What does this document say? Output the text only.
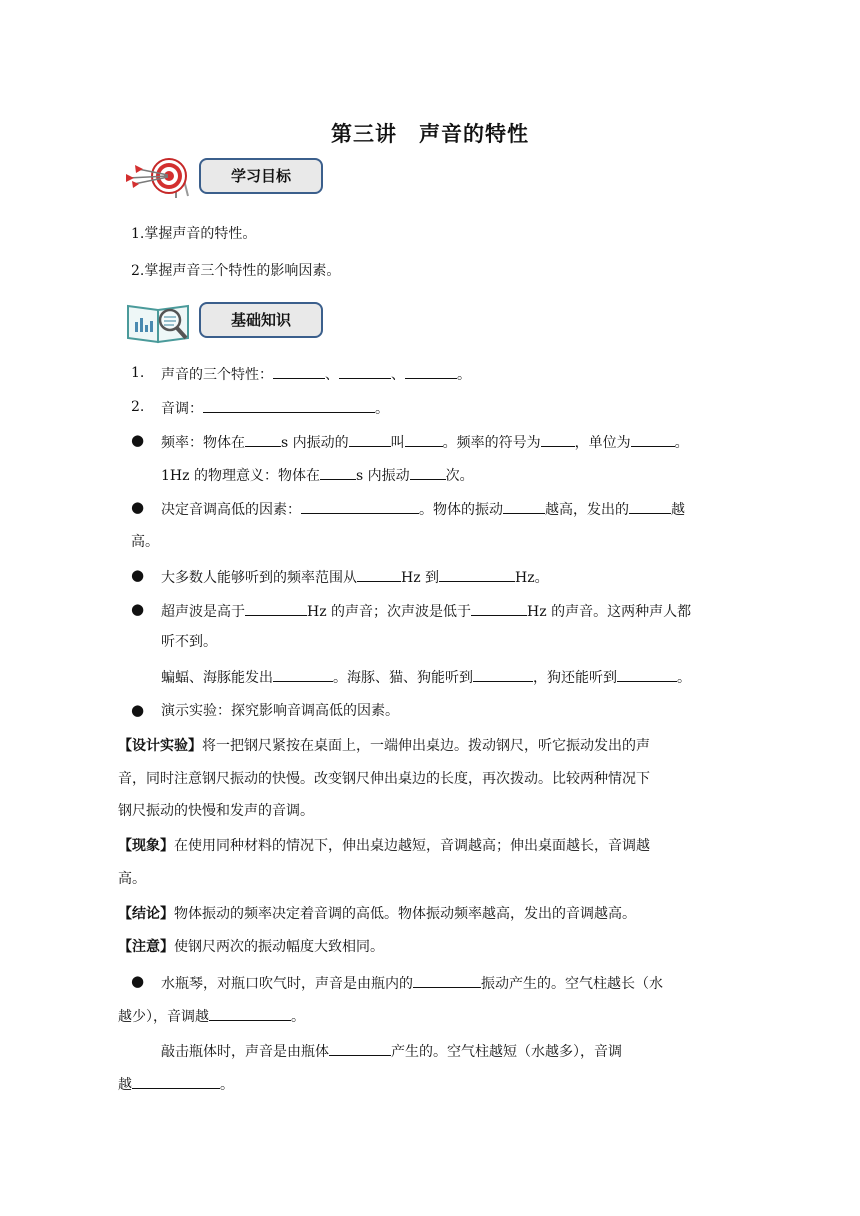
第三讲　声音的特性
学习目标
1.掌握声音的特性。
2.掌握声音三个特性的影响因素。
基础知识
1. 声音的三个特性：	、	、	。
2. 音调：	。
● 频率：物体在	s 内振动的	叫	。频率的符号为 ，单位为	。
1Hz 的物理意义：物体在	s 内振动	次。
● 决定音调高低的因素：	。物体的振动	越高，发出的	越
高。
● 大多数人能够听到的频率范围从	Hz 到	Hz。
● 超声波是高于	Hz 的声音；次声波是低于	Hz 的声音。这两种声人都
听不到。
蝙蝠、海豚能发出	。海豚、猫、狗能听到	，狗还能听到	。
● 演示实验：探究影响音调高低的因素。
【设计实验】将一把钢尺紧按在桌面上，一端伸出桌边。拨动钢尺，听它振动发出的声
音，同时注意钢尺振动的快慢。改变钢尺伸出桌边的长度，再次拨动。比较两种情况下
钢尺振动的快慢和发声的音调。
【现象】在使用同种材料的情况下，伸出桌边越短，音调越高；伸出桌面越长，音调越
高。
【结论】物体振动的频率决定着音调的高低。物体振动频率越高，发出的音调越高。
【注意】使钢尺两次的振动幅度大致相同。
● 水瓶琴，对瓶口吹气时，声音是由瓶内的	振动产生的。空气柱越长（水
越少），音调越	。
敲击瓶体时，声音是由瓶体	产生的。空气柱越短（水越多），音调
越	。
